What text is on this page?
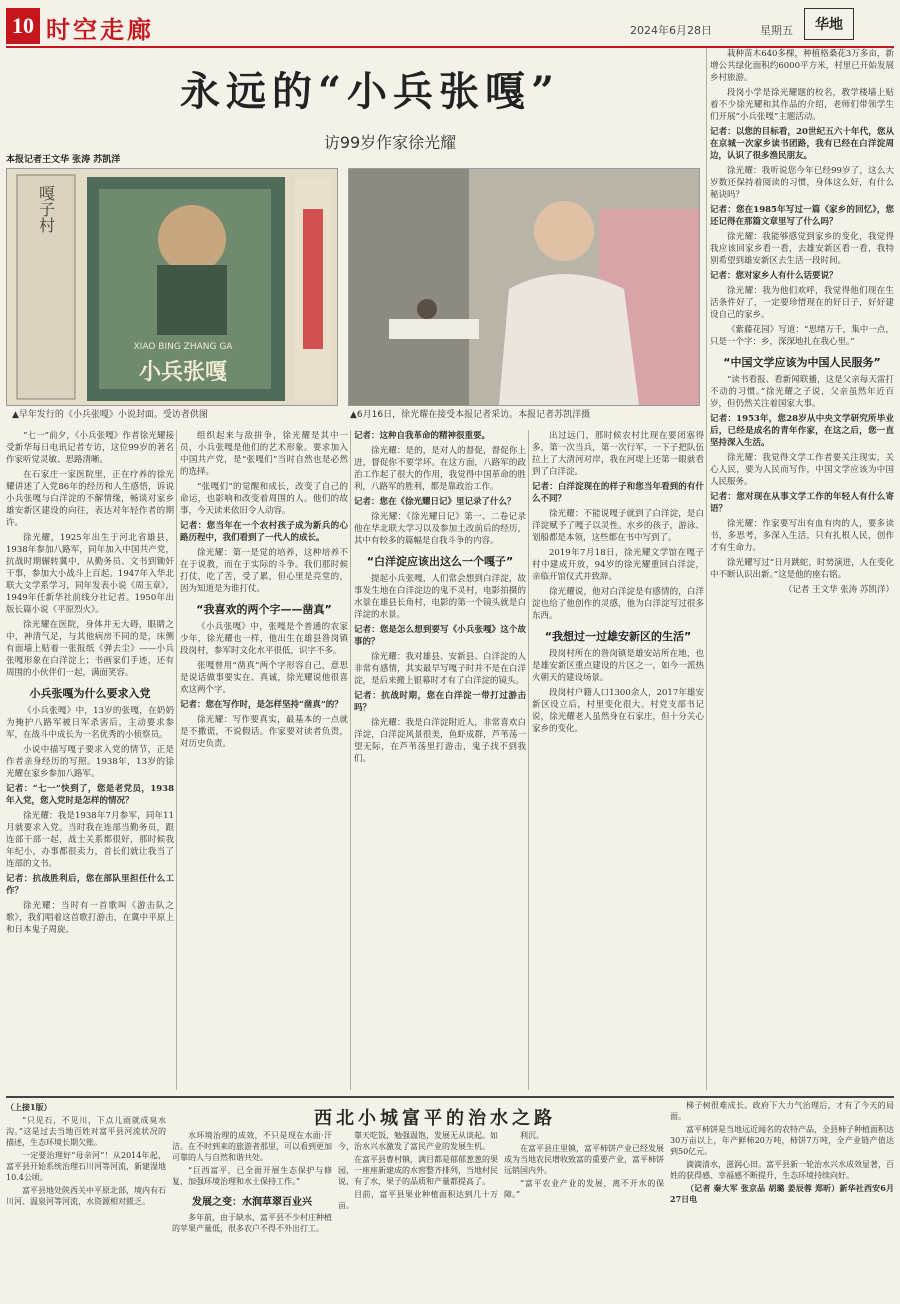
10 时空走廊	2024年6月28日	星期五	华地
永远的“小兵张嘎”
访99岁作家徐光耀
本报记者王文华 张涛 苏凯洋
嘎子村
XIAO BING ZHANG GA
小兵张嘎
▲早年发行的《小兵张嘎》小说封面。受访者供图	▲6月16日，徐光耀在接受本报记者采访。本报记者苏凯洋摄

“七一”前夕，《小兵张嘎》作者徐光耀接受新华每日电讯记者专访，这位99岁的著名作家听觉灵敏、思路清晰。

在石家庄一家医院里，正在疗养的徐光耀讲述了入党86年的经历和人生感悟，诉说小兵张嘎与白洋淀的不解情缘，畅谈对家乡雄安新区建设的向往，表达对年轻作者的期许。

徐光耀，1925年出生于河北省雄县，1938年参加八路军，同年加入中国共产党，抗战时期辗转冀中，从勤务员、文书到锄奸干事，参加大小战斗上百起。1947年入华北联大文学系学习，同年发表小说《周玉章》，1949年任新华社前线分社记者。1950年出版长篇小说《平原烈火》。

徐光耀在医院，身体并无大碍，眼睛之中，神清气足，与其他病房不同的是，床侧有面墙上贴着一张报纸《弹去尘》——小兵张嘎形象在白洋淀上；书画家们手迹，还有周围的小伙伴们一起，满面笑容。

小兵张嘎为什么要求入党

《小兵张嘎》中，13岁的张嘎，在奶奶为掩护八路军被日军杀害后，主动要求参军，在战斗中成长为一名优秀的小侦察员。

小说中描写嘎子要求入党的情节，正是作者亲身经历的写照。1938年，13岁的徐光耀在家乡参加八路军。

记者：“七一”快到了，您是老党员，1938年入党，您入党时是怎样的情况？

徐光耀：我是1938年7月参军，同年11月就要求入党。当时我在连部当勤务员，跟连部干部一起，战士关系都很好，那时候我年纪小，办事都很卖力，首长们就让我当了连部的文书。

记者：抗战胜利后，您在部队里担任什么工作？

徐光耀：当时有一首歌叫《游击队之歌》，我们唱着这首歌打游击，在冀中平原上和日本鬼子周旋。

组织起来与敌拼争，徐光耀是其中一员，小兵张嘎是他们的艺术形象。要求加入中国共产党，是“张嘎们”当时自然也是必然的选择。

“张嘎们”的觉醒和成长，改变了自己的命运，也影响和改变着周围的人。他们的故事，今天读来依旧令人动容。

记者：您当年在一个农村孩子成为新兵的心路历程中，我们看到了一代人的成长。

徐光耀：第一是觉的培养，这种培养不在于说教，而在于实际的斗争。我们那时候打仗，吃了苦，受了累，但心里是亮堂的，因为知道是为谁打仗。

“我喜欢的两个字——凿真”

《小兵张嘎》中，张嘎是个普通的农家少年，徐光耀也一样，他出生在雄县昝岗镇段岗村，参军时文化水平很低，识字不多。

张嘎曾用“凿真”两个字形容自己，意思是说话做事要实在、真诚，徐光耀说他很喜欢这两个字。

记者：您在写作时，是怎样坚持“凿真”的？

徐光耀：写作要真实，最基本的一点就是不撒谎，不说假话。作家要对读者负责，对历史负责。

记者：这种自我革命的精神很重要。

徐光耀：是的，是对人的督促，督促你上进，督促你不要学坏。在这方面，八路军的政治工作起了很大的作用，我觉得中国革命的胜利，八路军的胜利，都是靠政治工作。

记者：您在《徐光耀日记》里记录了什么？

徐光耀：《徐光耀日记》第一、二卷记录他在华北联大学习以及参加土改前后的经历，其中有较多的篇幅是自我斗争的内容。

“白洋淀应该出这么一个嘎子”

提起小兵张嘎，人们常会想到白洋淀，故事发生地在白洋淀边的鬼不灵村，电影拍摄的水景在雄县长角村，电影的第一个镜头就是白洋淀的水景。

记者：您是怎么想到要写《小兵张嘎》这个故事的？

徐光耀：我对雄县、安新县、白洋淀的人非常有感情，其实最早写嘎子时并不是在白洋淀，是后来搬上银幕时才有了白洋淀的镜头。

记者：抗战时期，您在白洋淀一带打过游击吗？

徐光耀：我是白洋淀附近人，非常喜欢白洋淀，白洋淀风景很美，鱼虾成群，芦苇荡一望无际，在芦苇荡里打游击，鬼子找不到我们。

出过远门，那时候农村比现在要闭塞得多，第一次当兵，第一次行军，一下子把队伍拉上了大清河对岸，我在河堤上还第一眼就看到了白洋淀。

记者：白洋淀现在的样子和您当年看到的有什么不同？

徐光耀：不能说嘎子就到了白洋淀，是白洋淀赋予了嘎子以灵性。水乡的孩子，游泳、划船都是本领，这些都在书中写到了。

2019年7月18日，徐光耀文学馆在嘎子村中建成开放，94岁的徐光耀重回白洋淀，亲临开馆仪式并致辞。

徐光耀说，他对白洋淀是有感情的，白洋淀也给了他创作的灵感，他为白洋淀写过很多东西。

“我想过一过雄安新区的生活”

段岗村所在的昝岗镇是雄安站所在地，也是雄安新区重点建设的片区之一，如今一派热火朝天的建设场景。

段岗村户籍人口1300余人，2017年雄安新区设立后，村里变化很大。村党支部书记说，徐光耀老人虽然身在石家庄，但十分关心家乡的变化。

栽种苗木640多棵，种植格桑花3万多亩，新增公共绿化面积约6000平方米，村里已开始发展乡村旅游。

段岗小学是徐光耀题的校名，教学楼墙上贴着不少徐光耀和其作品的介绍，老师们带领学生们开展“小兵张嘎”主题活动。

记者：以您的目标看，20世纪五六十年代，您从在京城一次家乡读书团路，我有已经在白洋淀周边，认识了很多渔民朋友。

徐光耀：我听说您今年已经99岁了，这么大岁数还保持着阅读的习惯，身体这么好，有什么秘诀吗？

记者：您在1985年写过一篇《家乡的回忆》，您还记得在那篇文章里写了什么吗？

徐光耀：我能够感觉到家乡的变化，我觉得我应该回家乡看一看，去雄安新区看一看，我特别希望到雄安新区去生活一段时间。

记者：您对家乡人有什么话要说？

徐光耀：我为他们欢呼，我觉得他们现在生活条件好了，一定要珍惜现在的好日子，好好建设自己的家乡。

《紫藤花园》写道：“思绪万千，集中一点，只是一个字：乡，深深地扎在我心里。”

“中国文学应该为中国人民服务”

“读书看报、看新闻联播，这是父亲每天雷打不动的习惯。”徐光耀之子说，父亲虽然年近百岁，但仍然关注着国家大事。

记者：1953年，您28岁从中央文学研究所毕业后，已经是成名的青年作家，在这之后，您一直坚持深入生活。

徐光耀：我觉得文学工作者要关注现实，关心人民，要为人民而写作，中国文学应该为中国人民服务。

记者：您对现在从事文学工作的年轻人有什么寄语？

徐光耀：作家要写出有血有肉的人，要多读书，多思考，多深入生活，只有扎根人民，创作才有生命力。

徐光耀写过“日月跳蛇，时势演进，人在变化中不断认识出新。”这是他的座右铭。

（记者 王文华 张涛 苏凯洋）

西北小城富平的治水之路

（上接1版）

“只见石，不见川，下点儿雨就成臭水沟。”这是过去当地百姓对富平县河流状况的描述，生态环境长期欠账。

一定要治理好“母亲河”！从2014年起，富平县开始系统治理石川河等河流，新建湿地10.4公顷。

富平县地处陕西关中平原北部，境内有石川河、温泉河等河流，水资源相对匮乏。

水环境治理的成效，不只是现在水面·汗洁。在不时到来的旅游者那里，可以看到更加可靠的人与自然和谐共处。

“巨西富平，已全面开展生态保护与修复，加强环境治理和水土保持工作。”

发展之变：水润草翠百业兴

多年前，由于缺水，富平县不少村庄种植的苹果产量低，很多农户不得不外出打工。

靠天吃饭，勉强温饱，发展无从谈起。如今，治水兴水激发了富民产业的发展生机。

在富平县曹村镇，满目都是郁郁葱葱的果园，一座座新建成的水窖整齐排列，当地村民说，有了水，果子的品质和产量都提高了。

目前，富平县果业种植面积达到几十万亩。

利沉。

在富平县庄里镇，富平柿饼产业已经发展成为当地农民增收致富的重要产业，富平柿饼远销国内外。

“富平农业产业的发展，离不开水的保障。”

梯子树很难成长。政府下大力气治理后，才有了今天的局面。

富平柿饼是当地远近闻名的农特产品，全县柿子种植面积达30万亩以上，年产鲜柿20万吨，柿饼7万吨，全产业链产值达到50亿元。

滴滴清水，滋润心田。富平县新一轮治水兴水成效显著，百姓的获得感、幸福感不断提升，生态环境持续向好。

（记者 秦大军 张京品 胡璐 姜辰蓉 郑昕）新华社西安6月27日电
